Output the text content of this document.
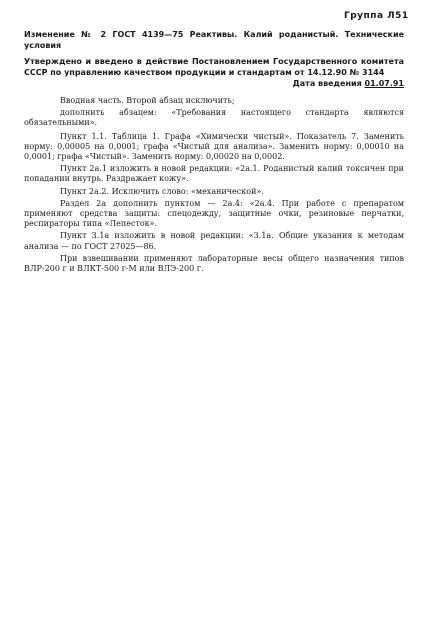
Группа Л51
Изменение № 2 ГОСТ 4139—75 Реактивы. Калий роданистый. Технические условия
Утверждено и введено в действие Постановлением Государственного комитета СССР по управлению качеством продукции и стандартам от 14.12.90 № 3144
Дата введения 01.07.91

Вводная часть. Второй абзац исключить;

дополнить абзацем: «Требования настоящего стандарта являются обязательными».

Пункт 1.1. Таблица 1. Графа «Химически чистый». Показатель 7. Заменить норму: 0,00005 на 0,0001; графа «Чистый для анализа». Заменить норму: 0,00010 на 0,0001; графа «Чистый». Заменить норму: 0,00020 на 0,0002.

Пункт 2а.1 изложить в новой редакции: «2а.1. Роданистый калий токсичен при попадании внутрь. Раздражает кожу».

Пункт 2а.2. Исключить слово: «механической».

Раздел 2а дополнить пунктом — 2а.4: «2а.4. При работе с препаратом применяют средства защиты: спецодежду, защитные очки, резиновые перчатки, респираторы типа «Лепесток».

Пункт 3.1а изложить в новой редакции: «3.1а. Общие указания к методам анализа — по ГОСТ 27025—86.

При взвешивании применяют лабораторные весы общего назначения типов ВЛР-200 г и ВЛКТ-500 г-М или ВЛЭ-200 г.
